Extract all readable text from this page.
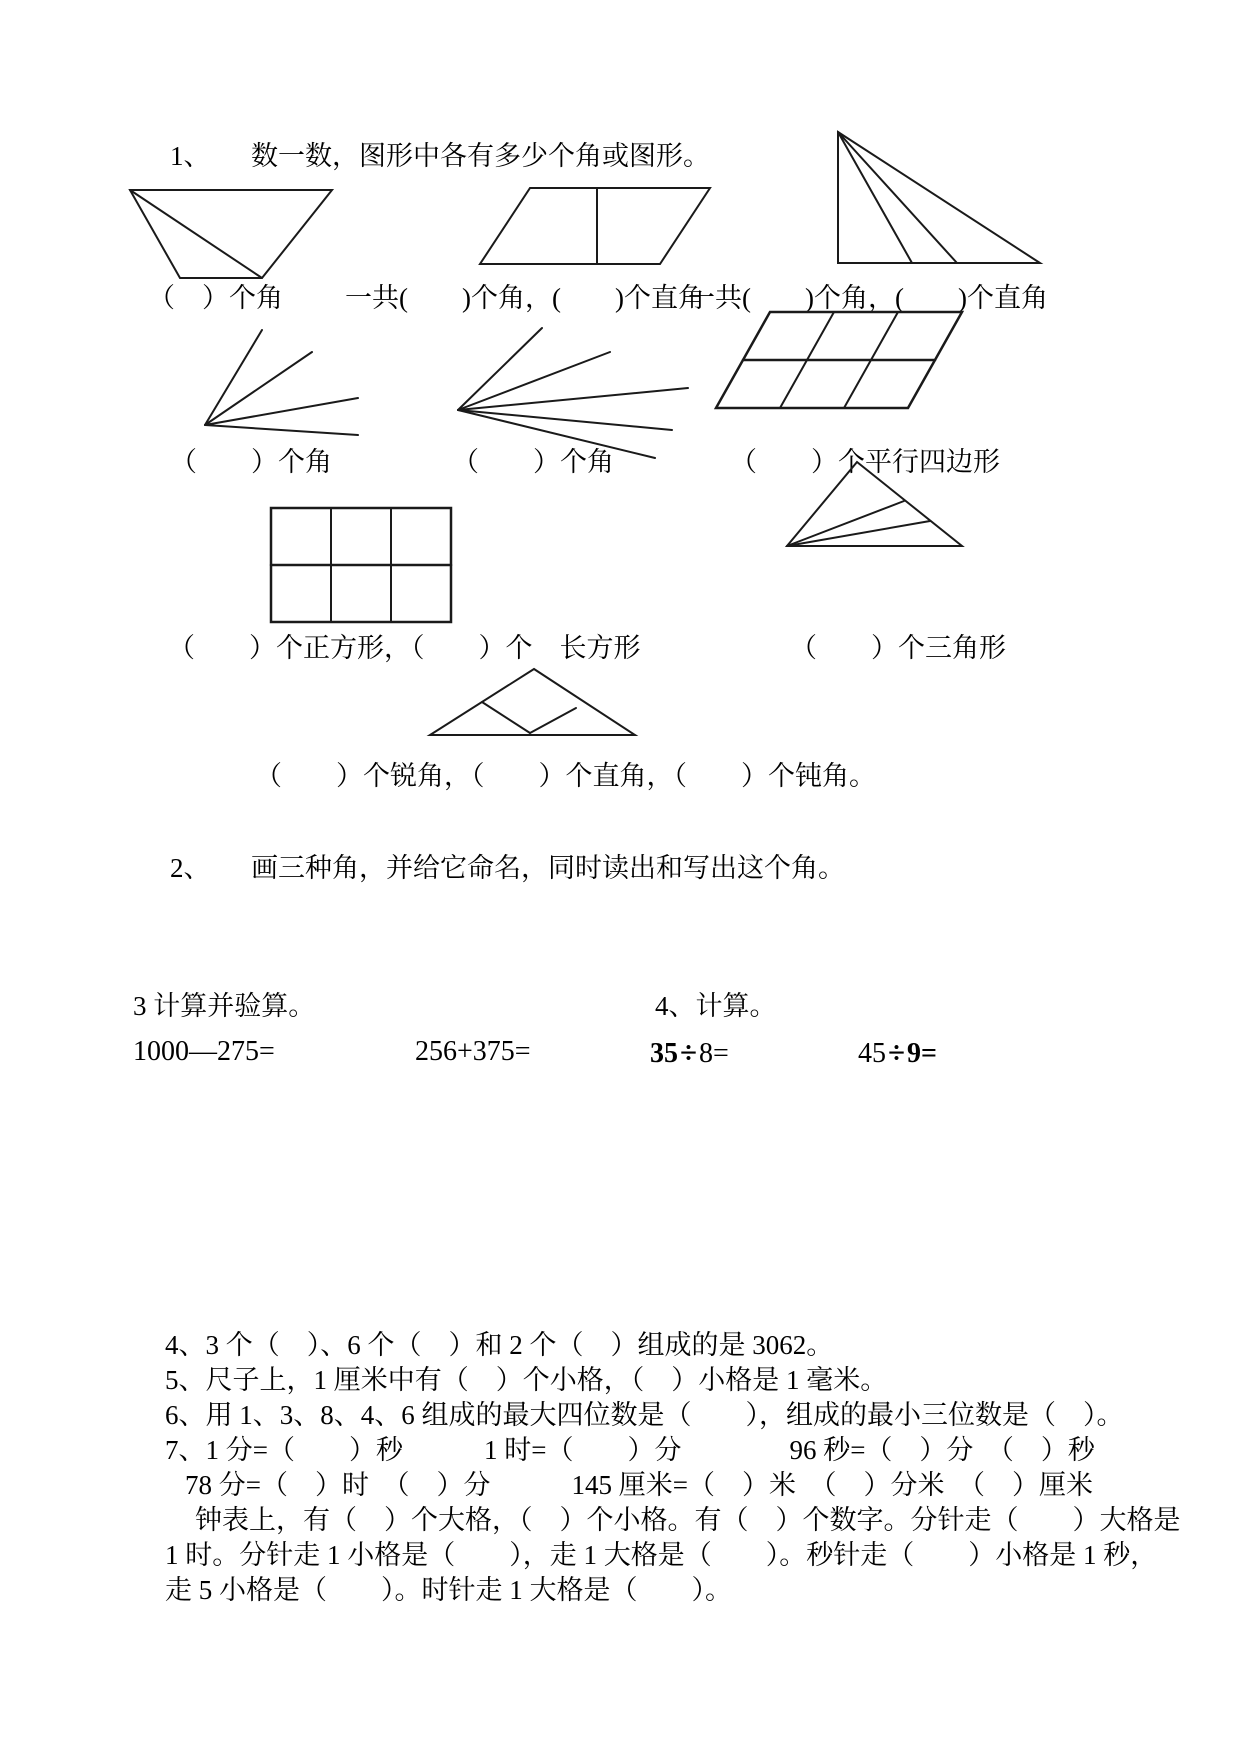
1、　　数一数，图形中各有多少个角或图形。
（　）个角 一共(　　)个角，(　　)个直角
一共(　　)个角，(　　)个直角
（　　）个角	（　　）个角	（　　）个平行四边形
（　　）个正方形，（　　）个　长方形	（　　）个三角形
（　　）个锐角，（　　）个直角，（　　）个钝角。
2、　　画三种角，并给它命名，同时读出和写出这个角。
3 计算并验算。	4、计算。
1000—275=	256+375=	35÷8=	45÷9=
4、3 个（　）、6 个（　）和 2 个（　）组成的是 3062。
5、尺子上，1 厘米中有（　）个小格，（　）小格是 1 毫米。
6、用 1、3、8、4、6 组成的最大四位数是（　　），组成的最小三位数是（　）。
7、1 分=（　　）秒　　　1 时=（　　）分　　　　96 秒=（　）分　（　）秒
78 分=（　）时　（　）分　　　145 厘米=（　）米　（　）分米　（　）厘米
钟表上，有（　）个大格，（　）个小格。有（　）个数字。分针走（　　）大格是
1 时。分针走 1 小格是（　　），走 1 大格是（　　）。秒针走（　　）小格是 1 秒，
走 5 小格是（　　）。时针走 1 大格是（　　）。
